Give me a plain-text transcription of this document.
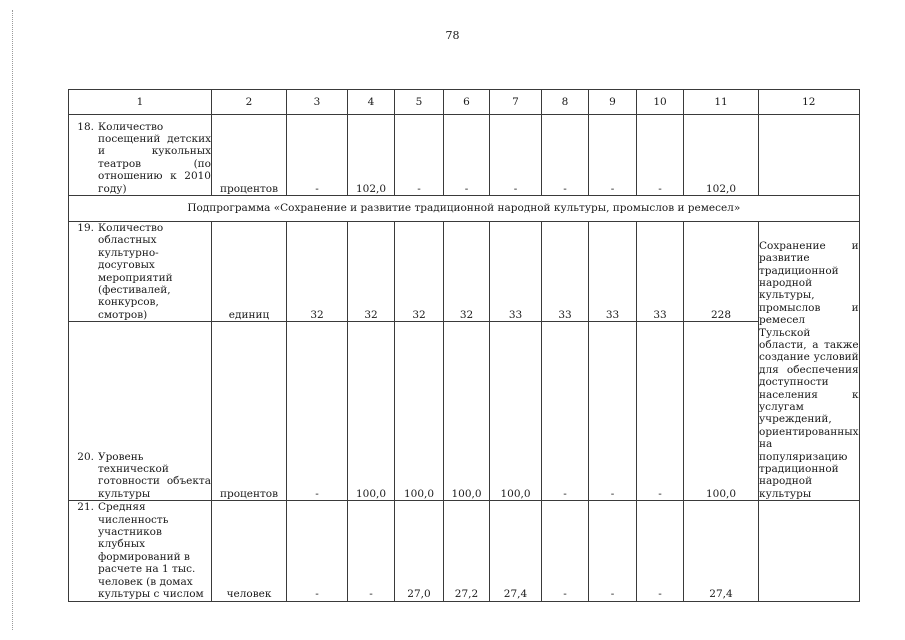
78
1	2	3	4	5	6	7	8	9	10	11	12

18. Количество посещений детских и кукольных театров (по отношению к 2010 году)	процентов	-	102,0	-	-	-	-	-	-	102,0	
Подпрограмма «Сохранение и развитие традиционной народной культуры, промыслов и ремесел»											

19. Количество областных культурно-досуговых мероприятий (фестивалей, конкурсов, смотров)	единиц	32	32	32	32	33	33	33	33	228	Сохранение и развитие традиционной народной культуры, промыслов и ремесел Тульской области, а также создание условий для обеспечения доступности населения к услугам учреждений, ориентированных на популяризацию традиционной народной культуры

20. Уровень технической готовности объекта культуры	процентов	-	100,0	100,0	100,0	100,0	-	-	-	100,0	

21. Средняя численность участников клубных формирований в расчете на 1 тыс. человек (в домах культуры с числом	человек	-	-	27,0	27,2	27,4	-	-	-	27,4	
